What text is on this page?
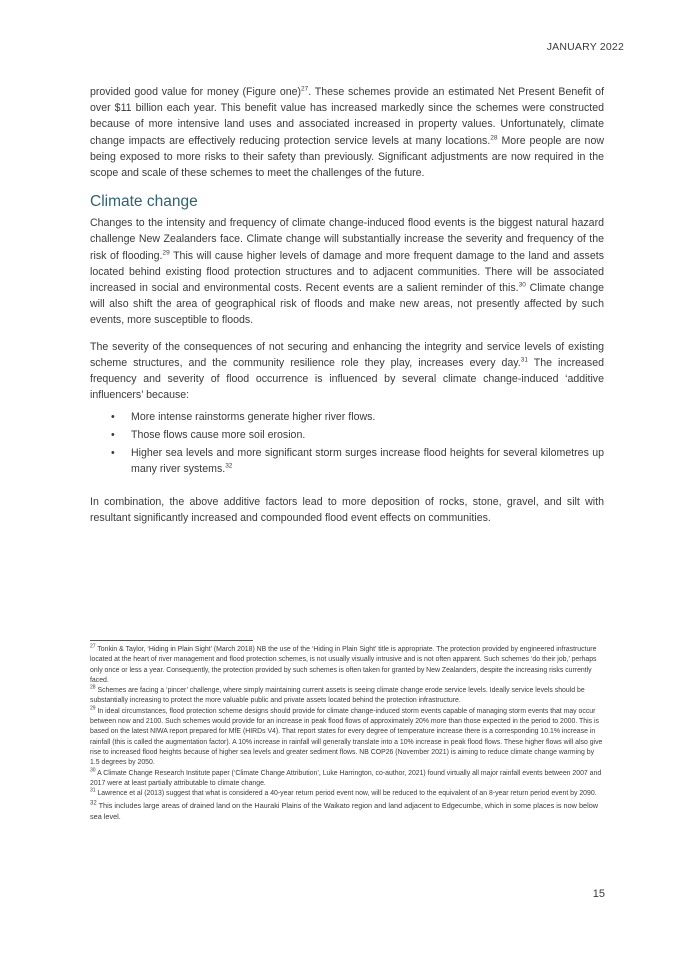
JANUARY 2022

provided good value for money (Figure one)$^{27}$. These schemes provide an estimated Net Present Benefit of over $11 billion each year. This benefit value has increased markedly since the schemes were constructed because of more intensive land uses and associated increased in property values. Unfortunately, climate change impacts are effectively reducing protection service levels at many locations.$^{28}$ More people are now being exposed to more risks to their safety than previously. Significant adjustments are now required in the scope and scale of these schemes to meet the challenges of the future.

Climate change

Changes to the intensity and frequency of climate change-induced flood events is the biggest natural hazard challenge New Zealanders face. Climate change will substantially increase the severity and frequency of the risk of flooding.$^{29}$ This will cause higher levels of damage and more frequent damage to the land and assets located behind existing flood protection structures and to adjacent communities. There will be associated increased in social and environmental costs. Recent events are a salient reminder of this.$^{30}$ Climate change will also shift the area of geographical risk of floods and make new areas, not presently affected by such events, more susceptible to floods.

The severity of the consequences of not securing and enhancing the integrity and service levels of existing scheme structures, and the community resilience role they play, increases every day.$^{31}$ The increased frequency and severity of flood occurrence is influenced by several climate change-induced ‘additive influencers’ because:

• More intense rainstorms generate higher river flows.
• Those flows cause more soil erosion.
• Higher sea levels and more significant storm surges increase flood heights for several kilometres up many river systems.$^{32}$

In combination, the above additive factors lead to more deposition of rocks, stone, gravel, and silt with resultant significantly increased and compounded flood event effects on communities.

$^{27}$ Tonkin & Taylor, ‘Hiding in Plain Sight’ (March 2018) NB the use of the ‘Hiding in Plain Sight’ title is appropriate. The protection provided by engineered infrastructure located at the heart of river management and flood protection schemes, is not usually visually intrusive and is not often apparent. Such schemes ‘do their job,’ perhaps only once or less a year. Consequently, the protection provided by such schemes is often taken for granted by New Zealanders, despite the increasing risks currently faced.

$^{28}$ Schemes are facing a ‘pincer’ challenge, where simply maintaining current assets is seeing climate change erode service levels. Ideally service levels should be substantially increasing to protect the more valuable public and private assets located behind the protection infrastructure.

$^{29}$ In ideal circumstances, flood protection scheme designs should provide for climate change-induced storm events capable of managing storm events that may occur between now and 2100. Such schemes would provide for an increase in peak flood flows of approximately 20% more than those expected in the period to 2000. This is based on the latest NIWA report prepared for MfE (HIRDs V4). That report states for every degree of temperature increase there is a corresponding 10.1% increase in rainfall (this is called the augmentation factor). A 10% increase in rainfall will generally translate into a 10% increase in peak flood flows. These higher flows will also give rise to increased flood heights because of higher sea levels and greater sediment flows. NB COP26 (November 2021) is aiming to reduce climate change warming by 1.5 degrees by 2050.

$^{30}$ A Climate Change Research Institute paper (‘Climate Change Attribution’, Luke Harrington, co-author, 2021) found virtually all major rainfall events between 2007 and 2017 were at least partially attributable to climate change.

$^{31}$ Lawrence et al (2013) suggest that what is considered a 40-year return period event now, will be reduced to the equivalent of an 8-year return period event by 2090.

$^{32}$ This includes large areas of drained land on the Hauraki Plains of the Waikato region and land adjacent to Edgecumbe, which in some places is now below sea level.

15
